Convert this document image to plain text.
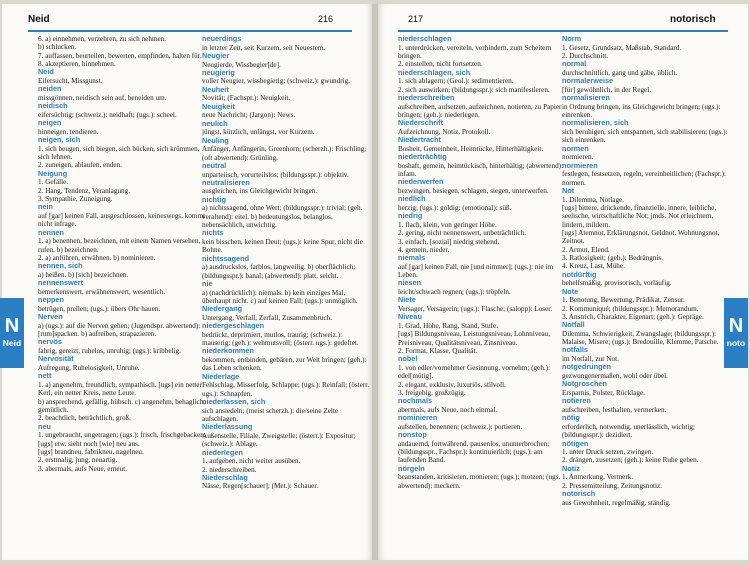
Neid	216
6. a) einnehmen, verzehren, zu sich nehmen.
b) schlucken.
7. auffassen, beurteilen, bewerten, empfinden, halten für.
8. akzeptieren, hinnehmen.
Neid
Eifersucht, Missgunst.
neiden
missgönnen, neidisch sein auf, beneiden um.
neidisch
eifersüchtig; (schweiz.): neidhaft; (ugs.): scheel.
neigen
hinneigen, tendieren.
neigen, sich
1. sich beugen, sich biegen, sich bücken, sich krümmen, sich lehnen.
2. zuneigen, ablaufen, enden.
Neigung
1. Gefälle.
2. Hang, Tendenz, Veranlagung.
3. Sympathie, Zuneigung.
nein
auf [gar] keinen Fall, ausgeschlossen, keineswegs, kommt nicht infrage.
nennen
1. a) benennen, bezeichnen, mit einem Namen versehen, rufen. b) bezeichnen.
2. a) anführen, erwähnen. b) nominieren.
nennen, sich
a) heißen. b) [sich] bezeichnen.
nennenswert
bemerkenswert, erwähnenswert, wesentlich.
neppen
betrügen, prellen; (ugs.): übers Ohr hauen.
Nerven
a) (ugs.): auf die Nerven gehen; (Jugendspr. abwertend): [rum]spacken. b) aufreiben, strapazieren.
nervös
fahrig, gereizt, ruhelos, unruhig; (ugs.): kribbelig.
Nervosität
Aufregung, Ruhelosigkeit, Unruhe.
nett
1. a) angenehm, freundlich, sympathisch. [ugs] ein netter Kerl, ein netter Kreis, nette Leute.
b) ansprechend, gefällig, hübsch. c) angenehm, behaglich, gemütlich.
2. beachtlich, beträchtlich, groß.
neu
1. ungebraucht, ungetragen; (ugs.): frisch, frischgebacken.
[ugs] etw. sieht noch [wie] neu aus.
[ugs] brandneu, fabrikneu, nagelneu.
2. erstmalig, jung, neuartig.
3. abermals, aufs Neue, erneut.
neuerdings
in letzter Zeit, seit Kurzem, seit Neuestem.
Neugier
Neugierde, Wissbegier[de].
neugierig
voller Neugier, wissbegierig; (schweiz.): gwundrig.
Neuheit
Novität; (Fachspr.): Neuigkeit.
Neuigkeit
neue Nachricht; (Jargon): News.
neulich
jüngst, kürzlich, unlängst, vor Kurzem.
Neuling
Anfänger, Anfängerin, Greenhorn; (scherzh.): Frischling; (oft abwertend): Grünling.
neutral
unparteiisch, vorurteilslos; (bildungsspr.): objektiv.
neutralisieren
ausgleichen, ins Gleichgewicht bringen.
nichtig
a) nichtssagend, ohne Wert; (bildungsspr.): trivial; (geh. veraltend): eitel. b) bedeutungslos, belanglos, nebensächlich, unwichtig.
nichts
kein bisschen, keinen Deut; (ugs.): keine Spur, nicht die Bohne.
nichtssagend
a) ausdruckslos, farblos, langweilig. b) oberflächlich; (bildungsspr.): banal; (abwertend): platt, seicht.
nie
a) (nachdrücklich): niemals. b) kein einziges Mal, überhaupt nicht. c) auf keinen Fall; (ugs.): unmöglich.
Niedergang
Untergang, Verfall, Zerfall, Zusammenbruch.
niedergeschlagen
bedrückt, deprimiert, mutlos, traurig; (schweiz.): mauserig; (geh.): wehmutsvoll; (österr. ugs.): gedeftet.
niederkommen
bekommen, entbinden, gebären, zur Welt bringen; (geh.): das Leben schenken.
Niederlage
Fehlschlag, Misserfolg, Schlappe; (ugs.): Reinfall; (österr. ugs.): Schnapfen.
niederlassen, sich
sich ansiedeln; (meist scherzh.): die/seine Zelte aufschlagen.
Niederlassung
Außenstelle, Filiale, Zweigstelle; (österr.): Expositur; (schweiz.): Ablage.
niederlegen
1. aufgeben, nicht weiter ausüben.
2. niederschreiben.
Niederschlag
Nässe, Regen[schauer]; (Met.): Schauer.
217	notorisch
niederschlagen
1. unterdrücken, vereiteln, verhindern, zum Scheitern bringen.
2. einstellen, nicht fortsetzen.
niederschlagen, sich
1. sich ablagern; (Geol.): sedimentieren.
2. sich auswirken; (bildungsspr.): sich manifestieren.
niederschreiben
aufschreiben, aufsetzen, aufzeichnen, notieren, zu Papier bringen; (geh.): niederlegen.
Niederschrift
Aufzeichnung, Notiz, Protokoll.
Niedertracht
Bosheit, Gemeinheit, Heimtücke, Hinterhältigkeit.
niederträchtig
boshaft, gemein, heimtückisch, hinterhältig; (abwertend): infam.
niederwerfen
bezwingen, besiegen, schlagen, siegen, unterwerfen.
niedlich
herzig; (ugs.): goldig; (emotional): süß.
niedrig
1. flach, klein, von geringer Höhe.
2. gering, nicht nennenswert, unbeträchtlich.
3. einfach, [sozial] niedrig stehend.
4. gemein, nieder.
niemals
auf [gar] keinen Fall, nie [und nimmer]; (ugs.): nie im Leben.
niesen
leicht/schwach regnen; (ugs.): tröpfeln.
Niete
Versager, Versagerin; (ugs.): Flasche; (salopp): Loser.
Niveau
1. Grad, Höhe, Rang, Stand, Stufe.
[ugs] Bildungsniveau, Leistungsniveau, Lohnniveau, Preisniveau, Qualitätsniveau, Zinsniveau.
2. Format, Klasse, Qualität.
nobel
1. von edler/vornehmer Gesinnung, vornehm; (geh.): edel[mütig].
2. elegant, exklusiv, luxuriös, stilvoll.
3. freigebig, großzügig.
nochmals
abermals, aufs Neue, noch einmal.
nominieren
aufstellen, benennen; (schweiz.): portieren.
nonstop
andauernd, fortwährend, pausenlos, ununterbrochen; (bildungsspr., Fachspr.): kontinuierlich; (ugs.): am laufenden Band.
nörgeln
beanstanden, kritisieren, monieren; (ugs.): motzen; (ugs. abwertend): meckern.
Norm
1. Gesetz, Grundsatz, Maßstab, Standard.
2. Durchschnitt.
normal
durchschnittlich, gang und gäbe, üblich.
normalerweise
[für] gewöhnlich, in der Regel.
normalisieren
in Ordnung bringen, ins Gleichgewicht bringen; (ugs.): einrenken.
normalisieren, sich
sich beruhigen, sich entspannen, sich stabilisieren; (ugs.): sich einrenken.
normen
normieren.
normieren
festlegen, festsetzen, regeln, vereinheitlichen; (Fachspr.): normen.
Not
1. Dilemma, Notlage.
[ugs] bittere, drückende, finanzielle, innere, leibliche, seelische, wirtschaftliche Not; jmds. Not erleichtern, lindern, mildern.
[ugs] Atemnot, Erklärungsnot, Geldnot, Wohnungsnot, Zeitnot.
2. Armut, Elend.
3. Ratlosigkeit; (geh.): Bedrängnis.
4. Kreuz, Last, Mühe.
notdürftig
behelfsmäßig, provisorisch, vorläufig.
Note
1. Benotung, Bewertung, Prädikat, Zensur.
2. Kommuniqué; (bildungsspr.): Memorandum.
3. Anstrich, Charakter, Eigenart; (geh.): Gepräge.
Notfall
Dilemma, Schwierigkeit, Zwangslage; (bildungsspr.): Malaise, Misere; (ugs.): Bredouille, Klemme, Patsche.
notfalls
im Notfall, zur Not.
notgedrungen
gezwungenermaßen, wohl oder übel.
Notgroschen
Ersparnis, Polster, Rücklage.
notieren
aufschreiben, festhalten, vermerken.
nötig
erforderlich, notwendig, unerlässlich, wichtig; (bildungsspr.): dezidiert.
nötigen
1. unter Druck setzen, zwingen.
2. drängen, zusetzen; (geh.): keine Ruhe geben.
Notiz
1. Anmerkung, Vermerk.
2. Pressemitteilung, Zeitungsnotiz.
notorisch
aus Gewohnheit, regelmäßig, ständig.
N
Neid
N
noto
